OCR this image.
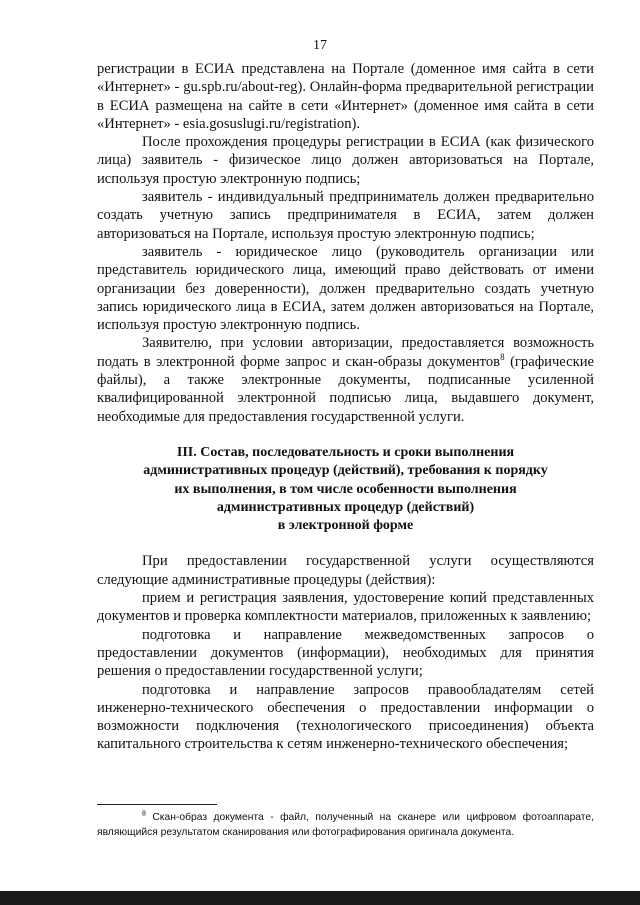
17

регистрации в ЕСИА представлена на Портале (доменное имя сайта в сети «Интернет» - gu.spb.ru/about-reg). Онлайн-форма предварительной регистрации в ЕСИА размещена на сайте в сети «Интернет» (доменное имя сайта в сети «Интернет» - esia.gosuslugi.ru/registration).

После прохождения процедуры регистрации в ЕСИА (как физического лица) заявитель - физическое лицо должен авторизоваться на Портале, используя простую электронную подпись;

заявитель - индивидуальный предприниматель должен предварительно создать учетную запись предпринимателя в ЕСИА, затем должен авторизоваться на Портале, используя простую электронную подпись;

заявитель - юридическое лицо (руководитель организации или представитель юридического лица, имеющий право действовать от имени организации без доверенности), должен предварительно создать учетную запись юридического лица в ЕСИА, затем должен авторизоваться на Портале, используя простую электронную подпись.

Заявителю, при условии авторизации, предоставляется возможность подать в электронной форме запрос и скан-образы документов$^8$ (графические файлы), а также электронные документы, подписанные усиленной квалифицированной электронной подписью лица, выдавшего документ, необходимые для предоставления государственной услуги.

III. Состав, последовательность и сроки выполнения
административных процедур (действий), требования к порядку
их выполнения, в том числе особенности выполнения
административных процедур (действий)
в электронной форме

При предоставлении государственной услуги осуществляются следующие административные процедуры (действия):

прием и регистрация заявления, удостоверение копий представленных документов и проверка комплектности материалов, приложенных к заявлению;

подготовка и направление межведомственных запросов о предоставлении документов (информации), необходимых для принятия решения о предоставлении государственной услуги;

подготовка и направление запросов правообладателям сетей инженерно-технического обеспечения о предоставлении информации о возможности подключения (технологического присоединения) объекта капитального строительства к сетям инженерно-технического обеспечения;

$^8$ Скан-образ документа - файл, полученный на сканере или цифровом фотоаппарате, являющийся результатом сканирования или фотографирования оригинала документа.
